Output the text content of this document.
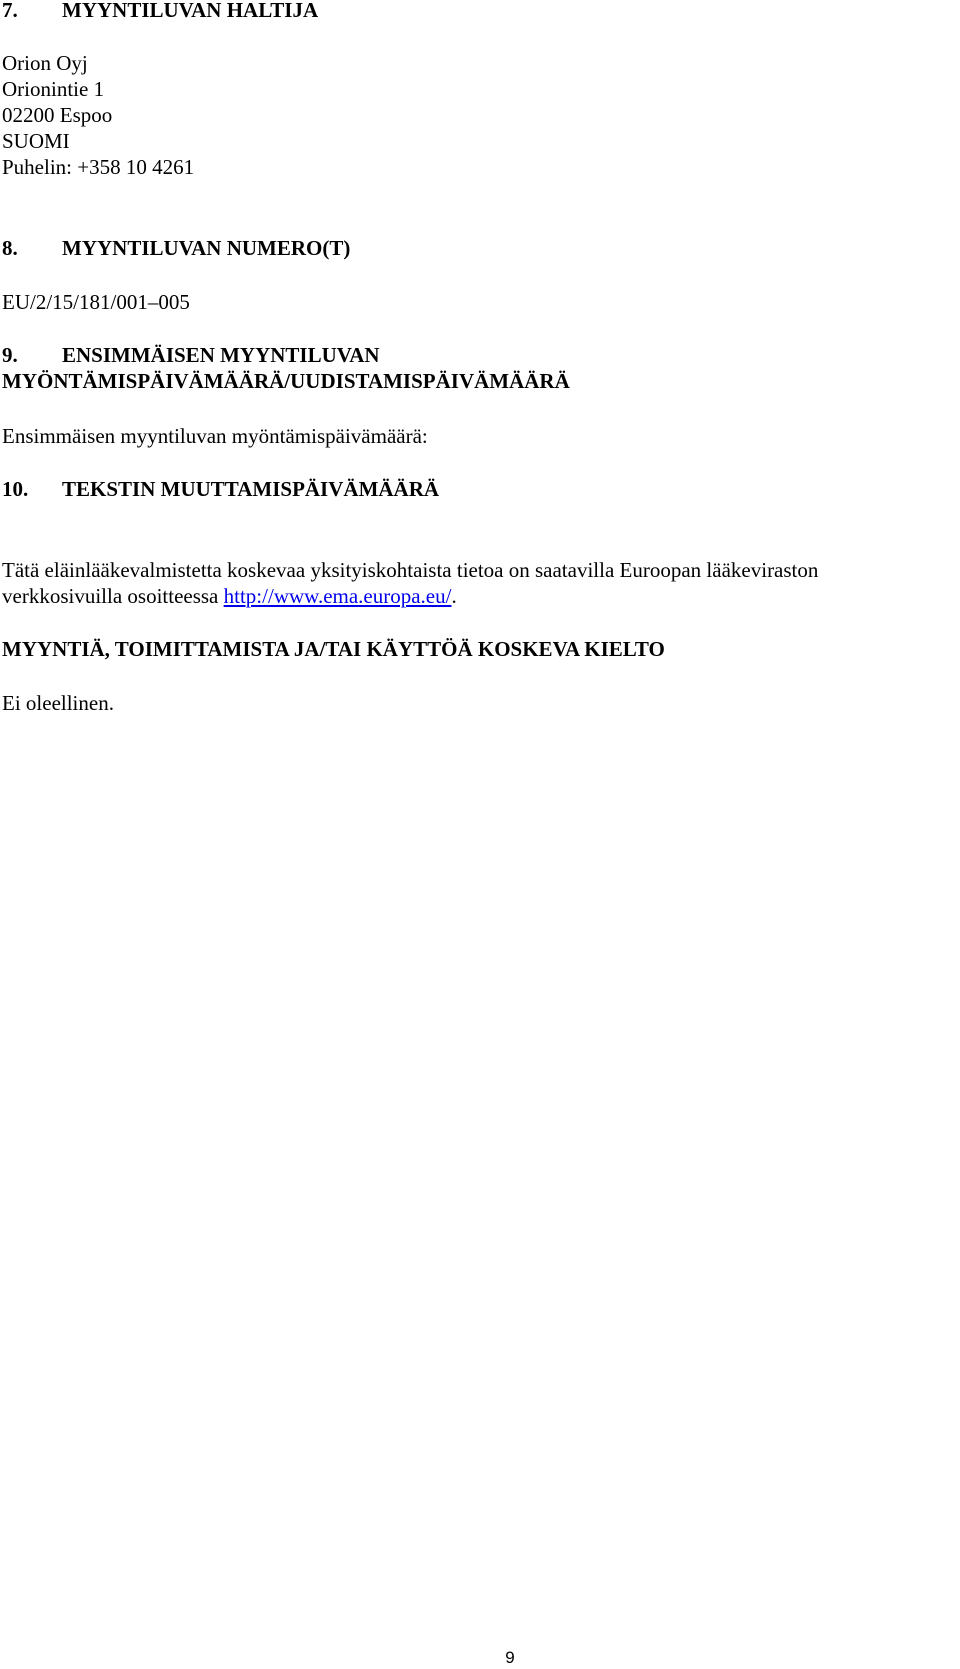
7. MYYNTILUVAN HALTIJA
Orion Oyj
Orionintie 1
02200 Espoo
SUOMI
Puhelin: +358 10 4261
8. MYYNTILUVAN NUMERO(T)
EU/2/15/181/001–005
9. ENSIMMÄISEN MYYNTILUVAN
MYÖNTÄMISPÄIVÄMÄÄRÄ/UUDISTAMISPÄIVÄMÄÄRÄ
Ensimmäisen myyntiluvan myöntämispäivämäärä:
10. TEKSTIN MUUTTAMISPÄIVÄMÄÄRÄ
Tätä eläinlääkevalmistetta koskevaa yksityiskohtaista tietoa on saatavilla Euroopan lääkeviraston
verkkosivuilla osoitteessa http://www.ema.europa.eu/.
MYYNTIÄ, TOIMITTAMISTA JA/TAI KÄYTTÖÄ KOSKEVA KIELTO
Ei oleellinen.
9
